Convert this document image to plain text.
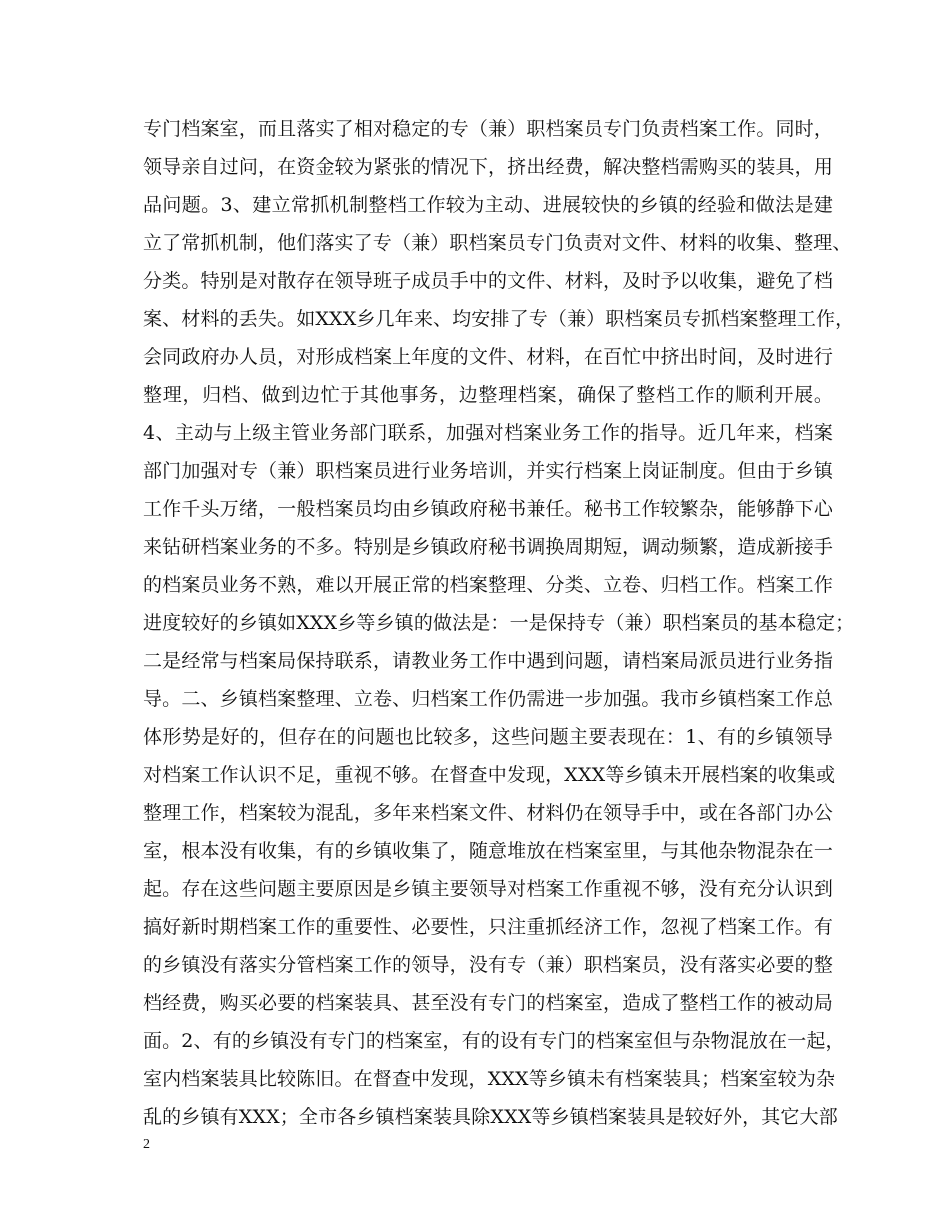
专门档案室，而且落实了相对稳定的专（兼）职档案员专门负责档案工作。同时，
领导亲自过问，在资金较为紧张的情况下，挤出经费，解决整档需购买的装具，用
品问题。3、建立常抓机制整档工作较为主动、进展较快的乡镇的经验和做法是建
立了常抓机制，他们落实了专（兼）职档案员专门负责对文件、材料的收集、整理、
分类。特别是对散存在领导班子成员手中的文件、材料，及时予以收集，避免了档
案、材料的丢失。如XXX乡几年来、均安排了专（兼）职档案员专抓档案整理工作，
会同政府办人员，对形成档案上年度的文件、材料，在百忙中挤出时间，及时进行
整理，归档、做到边忙于其他事务，边整理档案，确保了整档工作的顺利开展。
4、主动与上级主管业务部门联系，加强对档案业务工作的指导。近几年来，档案
部门加强对专（兼）职档案员进行业务培训，并实行档案上岗证制度。但由于乡镇
工作千头万绪，一般档案员均由乡镇政府秘书兼任。秘书工作较繁杂，能够静下心
来钻研档案业务的不多。特别是乡镇政府秘书调换周期短，调动频繁，造成新接手
的档案员业务不熟，难以开展正常的档案整理、分类、立卷、归档工作。档案工作
进度较好的乡镇如XXX乡等乡镇的做法是：一是保持专（兼）职档案员的基本稳定；
二是经常与档案局保持联系，请教业务工作中遇到问题，请档案局派员进行业务指
导。二、乡镇档案整理、立卷、归档案工作仍需进一步加强。我市乡镇档案工作总
体形势是好的，但存在的问题也比较多，这些问题主要表现在：1、有的乡镇领导
对档案工作认识不足，重视不够。在督查中发现，XXX等乡镇未开展档案的收集或
整理工作，档案较为混乱，多年来档案文件、材料仍在领导手中，或在各部门办公
室，根本没有收集，有的乡镇收集了，随意堆放在档案室里，与其他杂物混杂在一
起。存在这些问题主要原因是乡镇主要领导对档案工作重视不够，没有充分认识到
搞好新时期档案工作的重要性、必要性，只注重抓经济工作，忽视了档案工作。有
的乡镇没有落实分管档案工作的领导，没有专（兼）职档案员，没有落实必要的整
档经费，购买必要的档案装具、甚至没有专门的档案室，造成了整档工作的被动局
面。2、有的乡镇没有专门的档案室，有的设有专门的档案室但与杂物混放在一起，
室内档案装具比较陈旧。在督查中发现，XXX等乡镇未有档案装具；档案室较为杂
乱的乡镇有XXX；全市各乡镇档案装具除XXX等乡镇档案装具是较好外，其它大部
2
